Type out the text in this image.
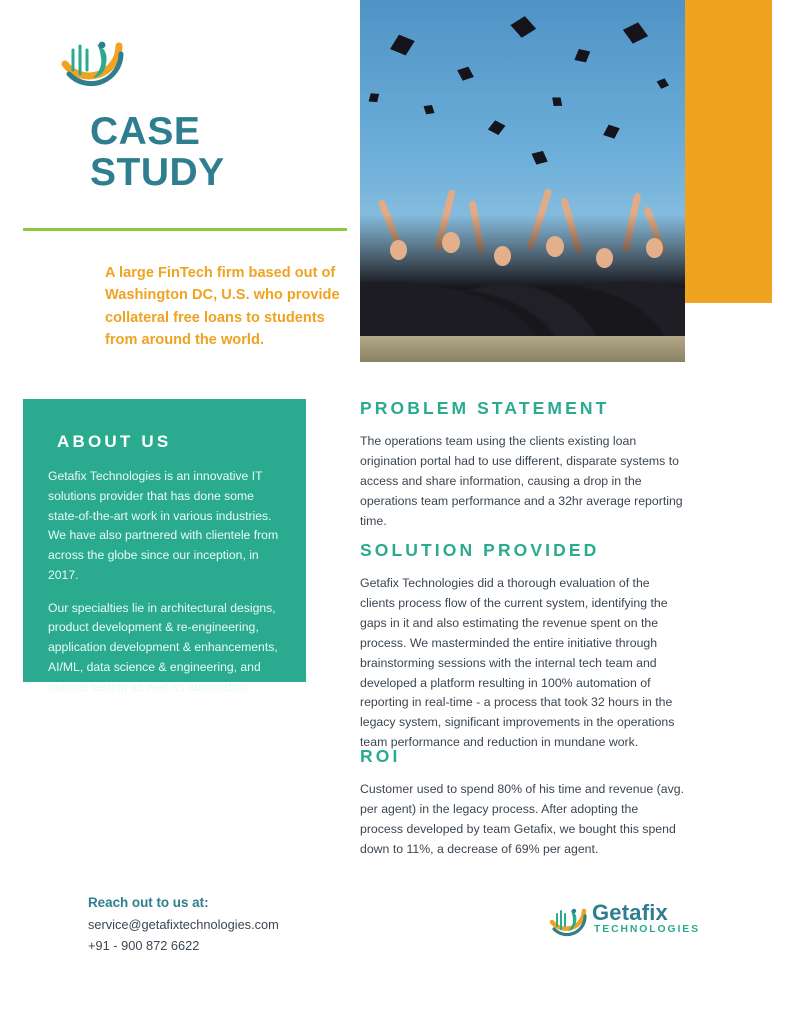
CASE
STUDY
A large FinTech firm based out of Washington DC, U.S. who provide collateral free loans to students from around the world.
ABOUT US

Getafix Technologies is an innovative IT solutions provider that has done some state-of-the-art work in various industries. We have also partnered with clientele from across the globe since our inception, in 2017.

Our specialties lie in architectural designs, product development & re-engineering, application development & enhancements, AI/ML, data science & engineering, and manual testing as well as automation.

PROBLEM STATEMENT

The operations team using the clients existing loan origination portal had to use different, disparate systems to access and share information, causing a drop in the operations team performance and a 32hr average reporting time.

SOLUTION PROVIDED

Getafix Technologies did a thorough evaluation of the clients process flow of the current system, identifying the gaps in it and also estimating the revenue spent on the process. We masterminded the entire initiative through brainstorming sessions with the internal tech team and developed a platform resulting in 100% automation of reporting in real-time - a process that took 32 hours in the legacy system, significant improvements in the operations team performance and reduction in mundane work.

ROI

Customer used to spend 80% of his time and revenue (avg. per agent) in the legacy process. After adopting the process developed by team Getafix, we bought this spend down to 11%, a decrease of 69% per agent.

Reach out to us at:
service@getafixtechnologies.com
+91 - 900 872 6622
Getafix
TECHNOLOGIES
